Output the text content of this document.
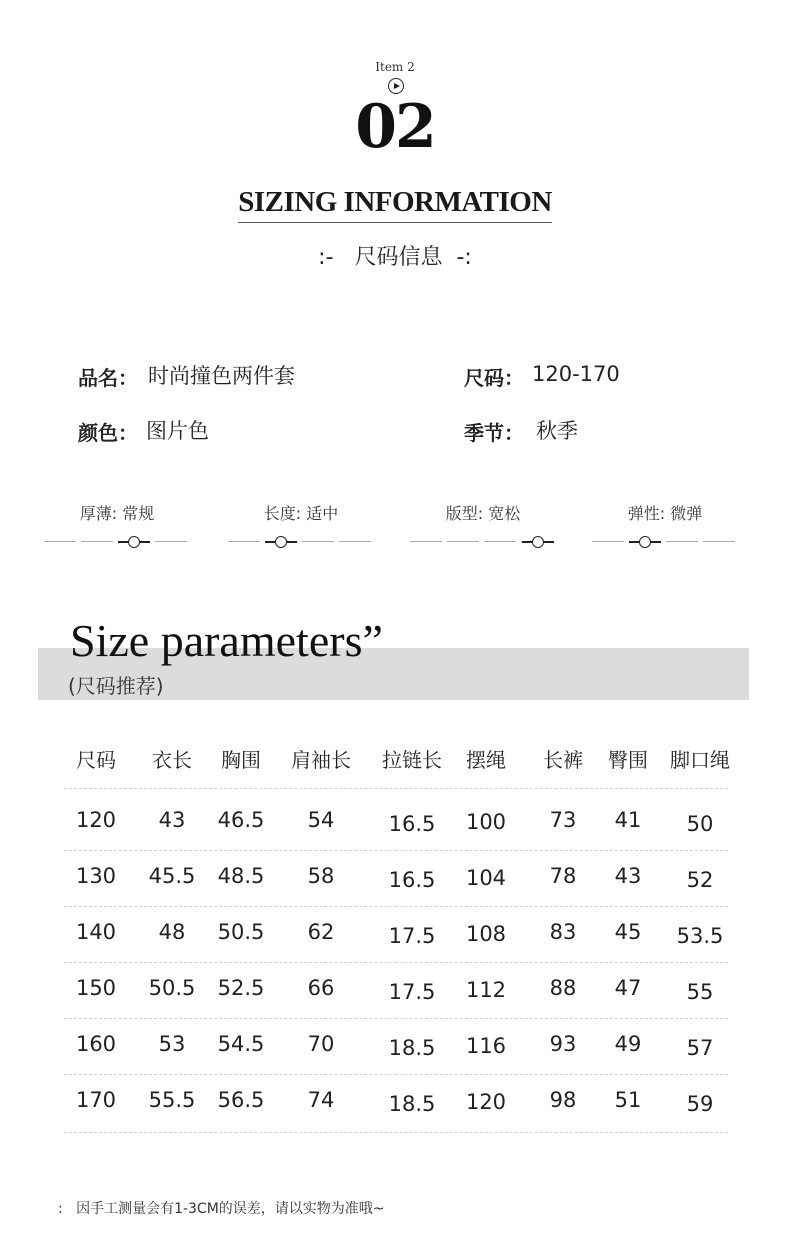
Item 2
02
SIZING INFORMATION
:-   尺码信息  -:
品名： 时尚撞色两件套	尺码： 120-170
颜色： 图片色	季节： 秋季
厚薄: 常规	长度: 适中	版型: 宽松	弹性: 微弹
Size parameters”
(尺码推荐)
尺码 衣长 胸围 肩袖长 拉链长 摆绳 长裤 臀围 脚口绳
120 43 46.5 54	16.5 100 73 41 50
130 45.5 48.5 58	16.5 104 78 43 52
140 48 50.5 62	17.5 108 83 45 53.5
150 50.5 52.5 66	17.5 112 88 47 55
160 53 54.5 70	18.5 116 93 49 57
170 55.5 56.5 74	18.5 120 98 51 59
:   因手工测量会有1-3CM的误差，请以实物为准哦~
